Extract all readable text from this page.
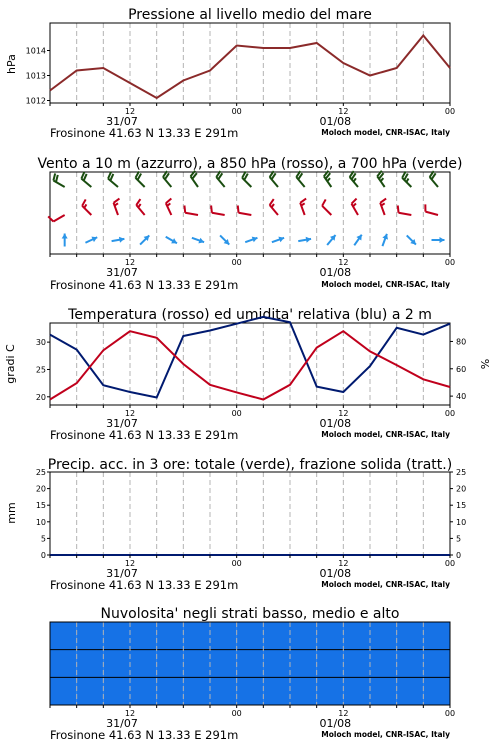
Pressione al livello medio del mare
hPa
1012
1013
1014
12	00	12	00
31/07	01/08
Frosinone 41.63 N 13.33 E 291m	Moloch model, CNR-ISAC, Italy
Vento a 10 m (azzurro), a 850 hPa (rosso), a 700 hPa (verde)
12	00	12	00
31/07	01/08
Frosinone 41.63 N 13.33 E 291m	Moloch model, CNR-ISAC, Italy
Temperatura (rosso) ed umidita' relativa (blu) a 2 m
gradi C	%
20
25
30
40
60
80
12	00	12	00
31/07	01/08
Frosinone 41.63 N 13.33 E 291m	Moloch model, CNR-ISAC, Italy
Precip. acc. in 3 ore: totale (verde), frazione solida (tratt.)
mm
0
5
10
15
20
25
0
5
10
15
20
25
12	00	12	00
31/07	01/08
Frosinone 41.63 N 13.33 E 291m	Moloch model, CNR-ISAC, Italy
Nuvolosita' negli strati basso, medio e alto
12	00	12	00
31/07	01/08
Frosinone 41.63 N 13.33 E 291m	Moloch model, CNR-ISAC, Italy
